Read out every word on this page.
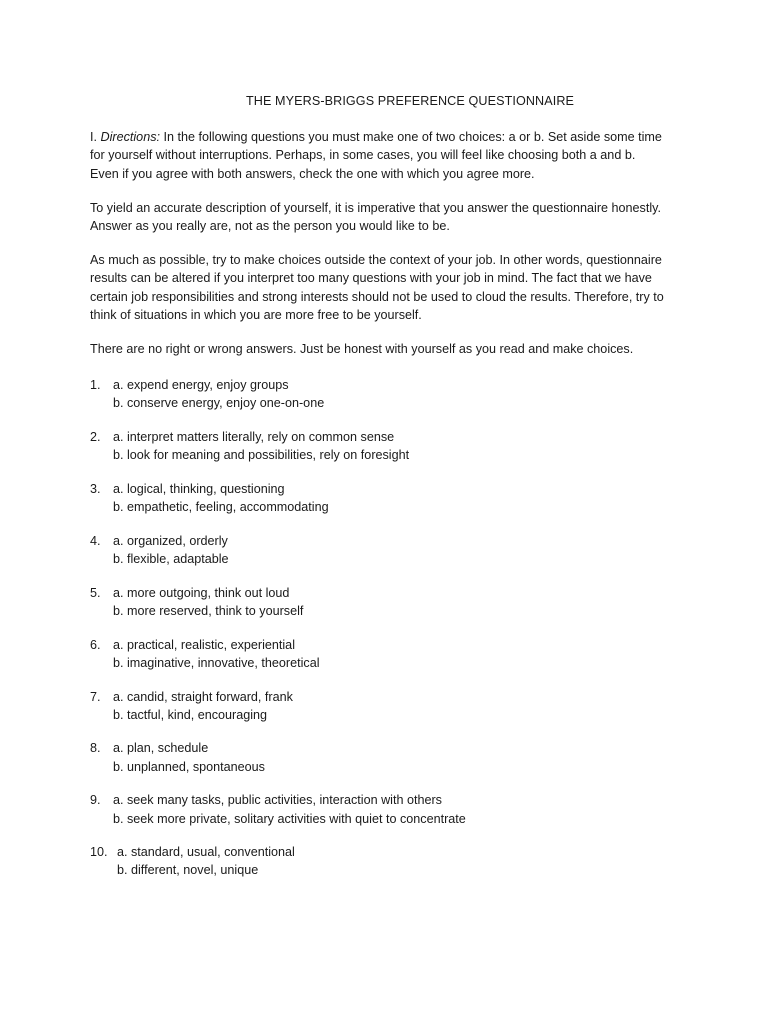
THE MYERS-BRIGGS PREFERENCE QUESTIONNAIRE

I. Directions: In the following questions you must make one of two choices: a or b. Set aside some time

for yourself without interruptions. Perhaps, in some cases, you will feel like choosing both a and b.

Even if you agree with both answers, check the one with which you agree more.

To yield an accurate description of yourself, it is imperative that you answer the questionnaire honestly.

Answer as you really are, not as the person you would like to be.

As much as possible, try to make choices outside the context of your job. In other words, questionnaire

results can be altered if you interpret too many questions with your job in mind. The fact that we have

certain job responsibilities and strong interests should not be used to cloud the results. Therefore, try to

think of situations in which you are more free to be yourself.

There are no right or wrong answers. Just be honest with yourself as you read and make choices.

1. a. expend energy, enjoy groups
b. conserve energy, enjoy one-on-one
2. a. interpret matters literally, rely on common sense
b. look for meaning and possibilities, rely on foresight
3. a. logical, thinking, questioning
b. empathetic, feeling, accommodating
4. a. organized, orderly
b. flexible, adaptable
5. a. more outgoing, think out loud
b. more reserved, think to yourself
6. a. practical, realistic, experiential
b. imaginative, innovative, theoretical
7. a. candid, straight forward, frank
b. tactful, kind, encouraging
8. a. plan, schedule
b. unplanned, spontaneous
9. a. seek many tasks, public activities, interaction with others
b. seek more private, solitary activities with quiet to concentrate
10. a. standard, usual, conventional
b. different, novel, unique
